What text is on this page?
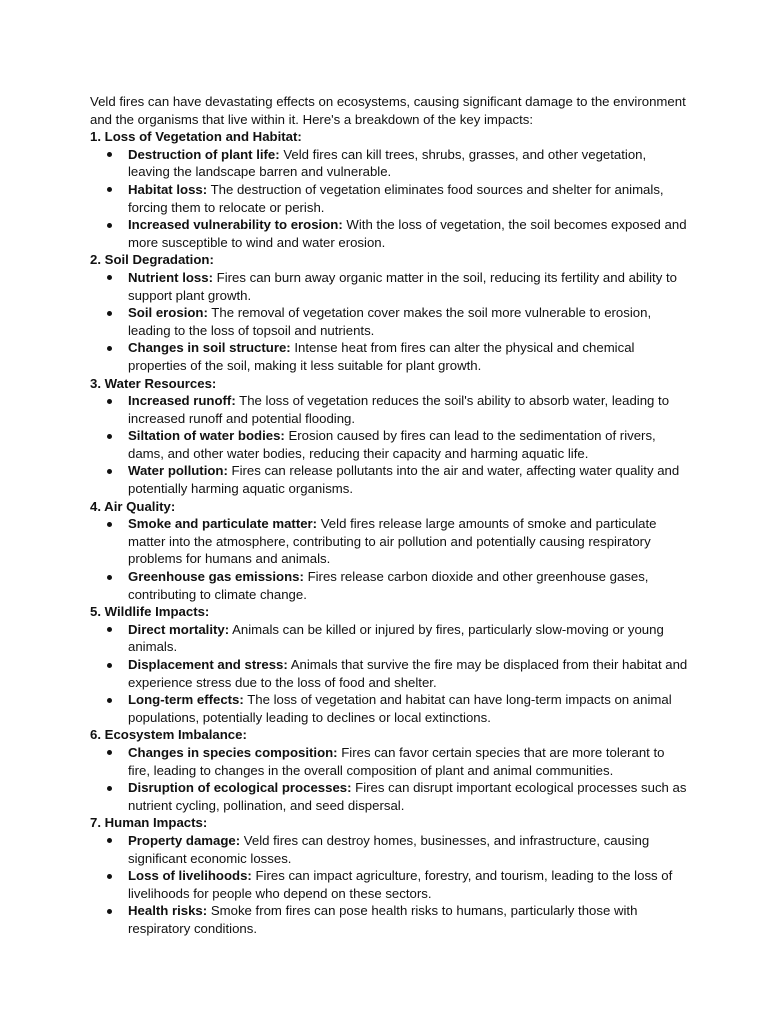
Veld fires can have devastating effects on ecosystems, causing significant damage to the environment and the organisms that live within it. Here's a breakdown of the key impacts:

1. Loss of Vegetation and Habitat:

Destruction of plant life: Veld fires can kill trees, shrubs, grasses, and other vegetation, leaving the landscape barren and vulnerable.
Habitat loss: The destruction of vegetation eliminates food sources and shelter for animals, forcing them to relocate or perish.
Increased vulnerability to erosion: With the loss of vegetation, the soil becomes exposed and more susceptible to wind and water erosion.

2. Soil Degradation:

Nutrient loss: Fires can burn away organic matter in the soil, reducing its fertility and ability to support plant growth.
Soil erosion: The removal of vegetation cover makes the soil more vulnerable to erosion, leading to the loss of topsoil and nutrients.
Changes in soil structure: Intense heat from fires can alter the physical and chemical properties of the soil, making it less suitable for plant growth.

3. Water Resources:

Increased runoff: The loss of vegetation reduces the soil's ability to absorb water, leading to increased runoff and potential flooding.
Siltation of water bodies: Erosion caused by fires can lead to the sedimentation of rivers, dams, and other water bodies, reducing their capacity and harming aquatic life.
Water pollution: Fires can release pollutants into the air and water, affecting water quality and potentially harming aquatic organisms.

4. Air Quality:

Smoke and particulate matter: Veld fires release large amounts of smoke and particulate matter into the atmosphere, contributing to air pollution and potentially causing respiratory problems for humans and animals.
Greenhouse gas emissions: Fires release carbon dioxide and other greenhouse gases, contributing to climate change.

5. Wildlife Impacts:

Direct mortality: Animals can be killed or injured by fires, particularly slow-moving or young animals.
Displacement and stress: Animals that survive the fire may be displaced from their habitat and experience stress due to the loss of food and shelter.
Long-term effects: The loss of vegetation and habitat can have long-term impacts on animal populations, potentially leading to declines or local extinctions.

6. Ecosystem Imbalance:

Changes in species composition: Fires can favor certain species that are more tolerant to fire, leading to changes in the overall composition of plant and animal communities.
Disruption of ecological processes: Fires can disrupt important ecological processes such as nutrient cycling, pollination, and seed dispersal.

7. Human Impacts:

Property damage: Veld fires can destroy homes, businesses, and infrastructure, causing significant economic losses.
Loss of livelihoods: Fires can impact agriculture, forestry, and tourism, leading to the loss of livelihoods for people who depend on these sectors.
Health risks: Smoke from fires can pose health risks to humans, particularly those with respiratory conditions.
